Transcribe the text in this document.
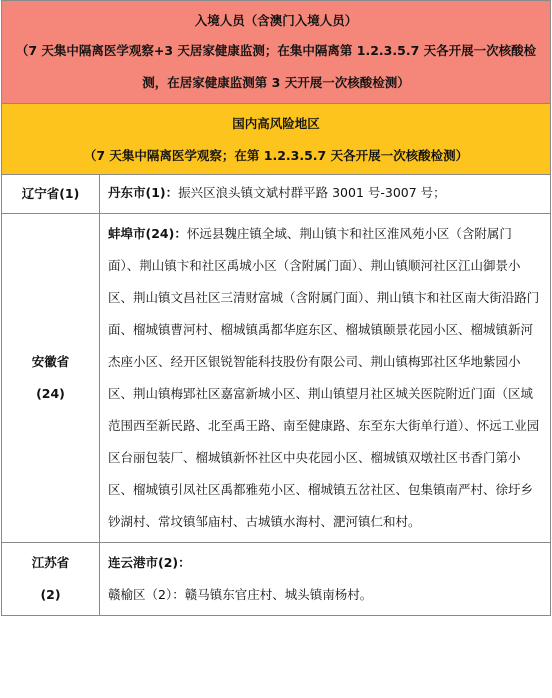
入境人员（含澳门入境人员）

（7 天集中隔离医学观察+3 天居家健康监测；在集中隔离第 1.2.3.5.7 天各开展一次核酸检测，在居家健康监测第 3 天开展一次核酸检测）

国内高风险地区

（7 天集中隔离医学观察；在第 1.2.3.5.7 天各开展一次核酸检测）

辽宁省(1)	丹东市(1)：振兴区浪头镇文斌村群平路 3001 号-3007 号；
安徽省
(24)
蚌埠市(24)：怀远县魏庄镇全域、荆山镇卞和社区淮风苑小区（含附属门面）、荆山镇卞和社区禹城小区（含附属门面）、荆山镇顺河社区江山御景小区、荆山镇文昌社区三清财富城（含附属门面）、荆山镇卞和社区南大街沿路门面、榴城镇曹河村、榴城镇禹都华庭东区、榴城镇颐景花园小区、榴城镇新河杰座小区、经开区银锐智能科技股份有限公司、荆山镇梅郢社区华地紫园小区、荆山镇梅郢社区嘉富新城小区、荆山镇望月社区城关医院附近门面（区域范围西至新民路、北至禹王路、南至健康路、东至东大街单行道）、怀远工业园区台丽包装厂、榴城镇新怀社区中央花园小区、榴城镇双墩社区书香门第小区、榴城镇引凤社区禹都雅苑小区、榴城镇五岔社区、包集镇南严村、徐圩乡钞湖村、常坟镇邹庙村、古城镇水海村、淝河镇仁和村。
江苏省
(2)
连云港市(2)：
赣榆区（2）：赣马镇东官庄村、城头镇南杨村。
